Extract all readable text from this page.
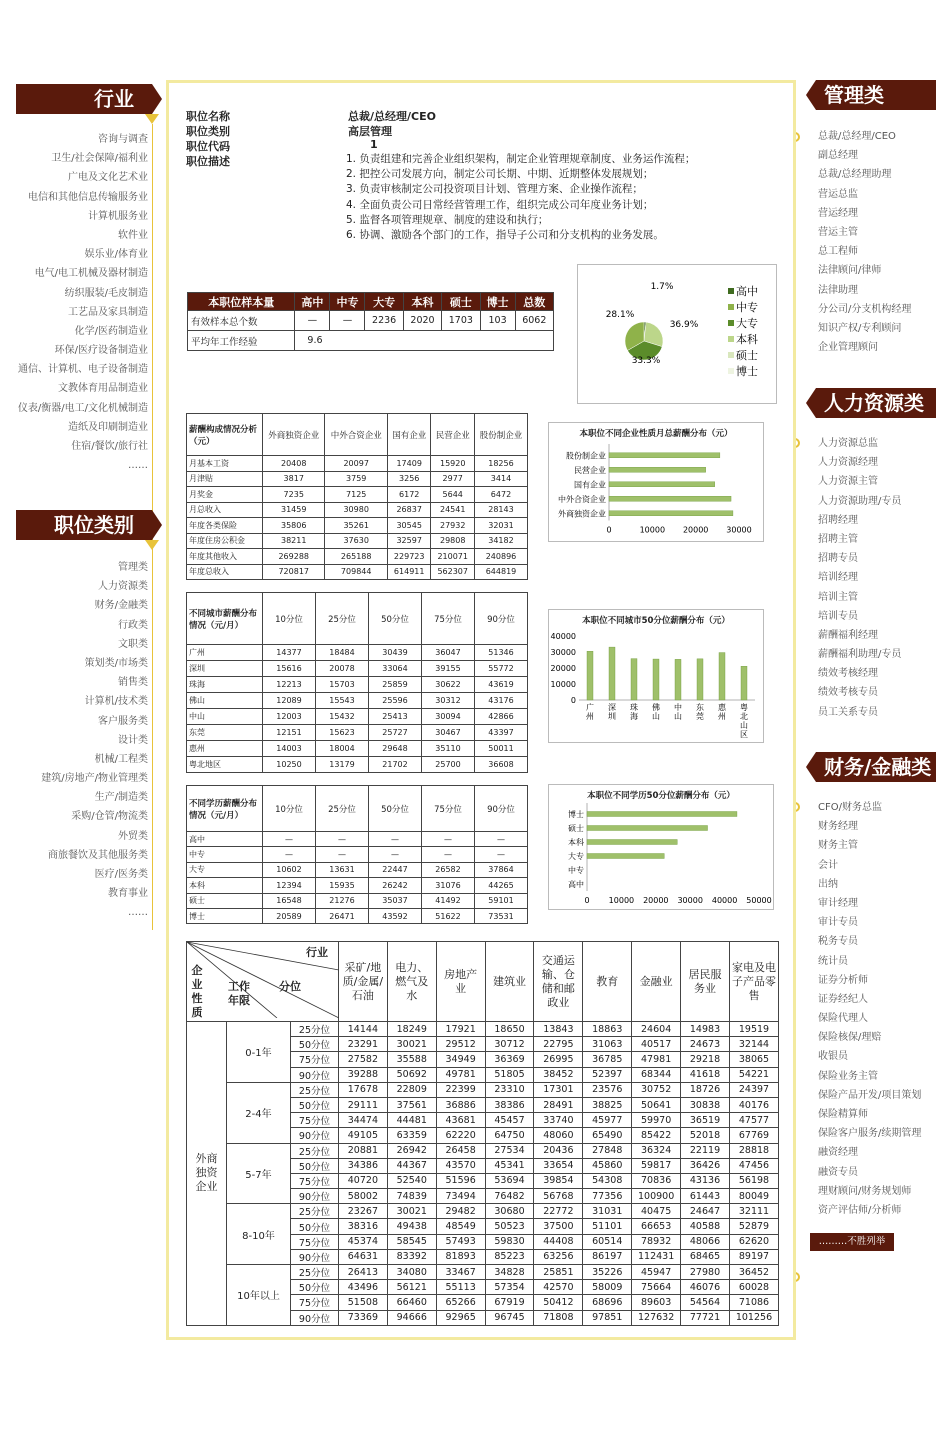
行业
咨询与调查
卫生/社会保障/福利业
广电及文化艺术业
电信和其他信息传输服务业
计算机服务业
软件业
娱乐业/体育业
电气/电工机械及器材制造
纺织服装/毛皮制造
工艺品及家具制造
化学/医药制造业
环保/医疗设备制造业
通信、计算机、电子设备制造
文教体育用品制造业
仪表/衡器/电工/文化机械制造
造纸及印刷制造业
住宿/餐饮/旅行社
……
职位类别
管理类
人力资源类
财务/金融类
行政类
文职类
策划类/市场类
销售类
计算机/技术类
客户服务类
设计类
机械/工程类
建筑/房地产/物业管理类
生产/制造类
采购/仓管/物流类
外贸类
商旅餐饮及其他服务类
医疗/医务类
教育事业
……
管理类
总裁/总经理/CEO
副总经理
总裁/总经理助理
营运总监
营运经理
营运主管
总工程师
法律顾问/律师
法律助理
分公司/分支机构经理
知识产权/专利顾问
企业管理顾问
人力资源类
人力资源总监
人力资源经理
人力资源主管
人力资源助理/专员
招聘经理
招聘主管
招聘专员
培训经理
培训主管
培训专员
薪酬福利经理
薪酬福利助理/专员
绩效考核经理
绩效考核专员
员工关系专员
财务/金融类
CFO/财务总监
财务经理
财务主管
会计
出纳
审计经理
审计专员
税务专员
统计员
证券分析师
证券经纪人
保险代理人
保险核保/理赔
收银员
保险业务主管
保险产品开发/项目策划
保险精算师
保险客户服务/续期管理
融资经理
融资专员
理财顾问/财务规划师
资产评估师/分析师
………不胜列举
职位名称	总裁/总经理/CEO
职位类别	高层管理
职位代码	1
职位描述	1. 负责组建和完善企业组织架构，制定企业管理规章制度、业务运作流程；
2. 把控公司发展方向，制定公司长期、中期、近期整体发展规划；
3. 负责审核制定公司投资项目计划、管理方案、企业操作流程；
4. 全面负责公司日常经营管理工作，组织完成公司年度业务计划；
5. 监督各项管理规章、制度的建设和执行；
6. 协调、激励各个部门的工作，指导子公司和分支机构的业务发展。
本职位样本量	高中	中专	大专	本科	硕士	博士	总数
有效样本总个数	—	—	2236	2020	1703	103	6062
平均年工作经验	9.6						
1.7%
28.1%
36.9%
33.3%
高中
中专
大专
本科
硕士
博士
薪酬构成情况分析（元）	外商独资企业	中外合资企业	国有企业	民营企业	股份制企业
月基本工资	20408	20097	17409	15920	18256
月津贴	3817	3759	3256	2977	3414
月奖金	7235	7125	6172	5644	6472
月总收入	31459	30980	26837	24541	28143
年度各类保险	35806	35261	30545	27932	32031
年度住房公积金	38211	37630	32597	29808	34182
年度其他收入	269288	265188	229723	210071	240896
年度总收入	720817	709844	614911	562307	644819
本职位不同企业性质月总薪酬分布（元）
股份制企业
民营企业
国有企业
中外合资企业
外商独资企业
0	10000 20000 30000
不同城市薪酬分布情况（元/月）	10分位	25分位	50分位	75分位	90分位
广州	14377	18484	30439	36047	51346
深圳	15616	20078	33064	39155	55772
珠海	12213	15703	25859	30622	43619
佛山	12089	15543	25596	30312	43176
中山	12003	15432	25413	30094	42866
东莞	12151	15623	25727	30467	43397
惠州	14003	18004	29648	35110	50011
粤北地区	10250	13179	21702	25700	36608
本职位不同城市50分位薪酬分布（元）
40000
30000
20000
10000
0
广州
深圳
珠海
佛山
中山
东莞
惠州
粤北山区
不同学历薪酬分布情况（元/月）	10分位	25分位	50分位	75分位	90分位
高中	—	—	—	—	—
中专	—	—	—	—	—
大专	10602	13631	22447	26582	37864
本科	12394	15935	26242	31076	44265
硕士	16548	21276	35037	41492	59101
博士	20589	26471	43592	51622	73531
本职位不同学历50分位薪酬分布（元）
博士
硕士
本科
大专
中专
高中
0 10000 20000 30000 40000 50000
行业
企业性质
工作年限
分位			采矿/地质/金属/石油	电力、燃气及水	房地产业	建筑业	交通运输、仓储和邮政业	教育	金融业	居民服务业	家电及电子产品零售
外商独资企业	0-1年	25分位	14144	18249	17921	18650	13843	18863	24604	14983	19519
		50分位	23291	30021	29512	30712	22795	31063	40517	24673	32144
		75分位	27582	35588	34949	36369	26995	36785	47981	29218	38065
		90分位	39288	50692	49781	51805	38452	52397	68344	41618	54221
	2-4年	25分位	17678	22809	22399	23310	17301	23576	30752	18726	24397
		50分位	29111	37561	36886	38386	28491	38825	50641	30838	40176
		75分位	34474	44481	43681	45457	33740	45977	59970	36519	47577
		90分位	49105	63359	62220	64750	48060	65490	85422	52018	67769
	5-7年	25分位	20881	26942	26458	27534	20436	27848	36324	22119	28818
		50分位	34386	44367	43570	45341	33654	45860	59817	36426	47456
		75分位	40720	52540	51596	53694	39854	54308	70836	43136	56198
		90分位	58002	74839	73494	76482	56768	77356	100900	61443	80049
	8-10年	25分位	23267	30021	29482	30680	22772	31031	40475	24647	32111
		50分位	38316	49438	48549	50523	37500	51101	66653	40588	52879
		75分位	45374	58545	57493	59830	44408	60514	78932	48066	62620
		90分位	64631	83392	81893	85223	63256	86197	112431	68465	89197
	10年以上	25分位	26413	34080	33467	34828	25851	35226	45947	27980	36452
		50分位	43496	56121	55113	57354	42570	58009	75664	46076	60028
		75分位	51508	66460	65266	67919	50412	68696	89603	54564	71086
		90分位	73369	94666	92965	96745	71808	97851	127632	77721	101256
